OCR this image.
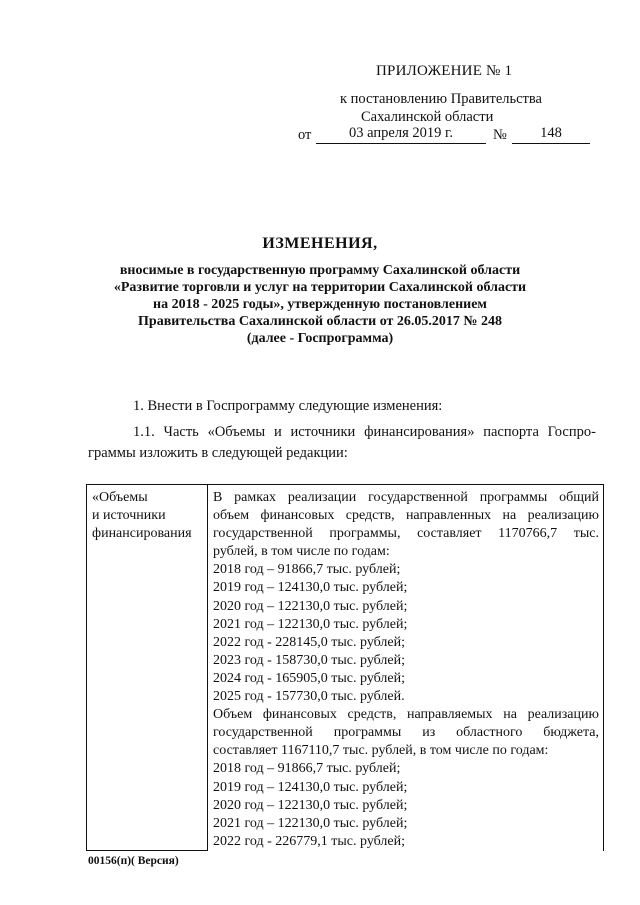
ПРИЛОЖЕНИЕ № 1
к постановлению Правительства
Сахалинской области
от	03 апреля 2019 г.	№	148
ИЗМЕНЕНИЯ,
вносимые в государственную программу Сахалинской области
«Развитие торговли и услуг на территории Сахалинской области
на 2018 - 2025 годы», утвержденную постановлением
Правительства Сахалинской области от 26.05.2017 № 248
(далее - Госпрограмма)
1. Внести в Госпрограмму следующие изменения:
1.1. Часть «Объемы и источники финансирования» паспорта Госпро-
граммы изложить в следующей редакции:
«Объемы
и источники
финансирования

В рамках реализации государственной программы общий
объем финансовых средств, направленных на реализацию
государственной программы, составляет 1170766,7 тыс.
рублей, в том числе по годам:
2018 год – 91866,7 тыс. рублей;
2019 год – 124130,0 тыс. рублей;
2020 год – 122130,0 тыс. рублей;
2021 год – 122130,0 тыс. рублей;
2022 год - 228145,0 тыс. рублей;
2023 год - 158730,0 тыс. рублей;
2024 год - 165905,0 тыс. рублей;
2025 год - 157730,0 тыс. рублей.
Объем финансовых средств, направляемых на реализацию
государственной программы из областного бюджета,
составляет 1167110,7 тыс. рублей, в том числе по годам:
2018 год – 91866,7 тыс. рублей;
2019 год – 124130,0 тыс. рублей;
2020 год – 122130,0 тыс. рублей;
2021 год – 122130,0 тыс. рублей;
2022 год - 226779,1 тыс. рублей;
00156(п)( Версия)
